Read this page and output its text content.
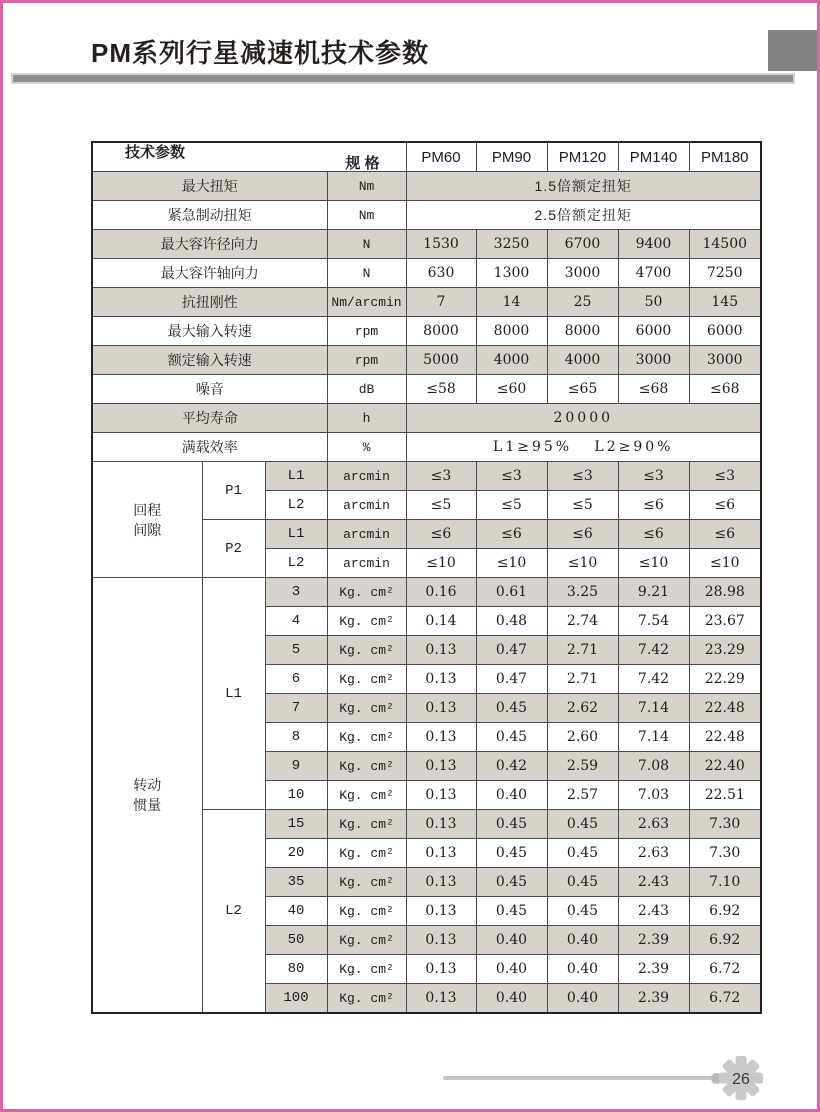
PM系列行星减速机技术参数
规 格
技术参数				PM60	PM90	PM120	PM140	PM180
最大扭矩			Nm	1.5倍额定扭矩				
紧急制动扭矩			Nm	2.5倍额定扭矩				
最大容许径向力			N	1530	3250	6700	9400	14500
最大容许轴向力			N	630	1300	3000	4700	7250
抗扭刚性			Nm/arcmin	7	14	25	50	145
最大输入转速			rpm	8000	8000	8000	6000	6000
额定输入转速			rpm	5000	4000	4000	3000	3000
噪音			dB	≤58	≤60	≤65	≤68	≤68
平均寿命			h	20000				
满载效率			%	L1≥95%   L2≥90%				

回程
间隙	P1	L1	arcmin	≤3	≤3	≤3	≤3	≤3
		L2	arcmin	≤5	≤5	≤5	≤6	≤6
	P2	L1	arcmin	≤6	≤6	≤6	≤6	≤6
		L2	arcmin	≤10	≤10	≤10	≤10	≤10

转动
惯量	L1	3	Kg. cm²	0.16	0.61	3.25	9.21	28.98
		4	Kg. cm²	0.14	0.48	2.74	7.54	23.67
		5	Kg. cm²	0.13	0.47	2.71	7.42	23.29
		6	Kg. cm²	0.13	0.47	2.71	7.42	22.29
		7	Kg. cm²	0.13	0.45	2.62	7.14	22.48
		8	Kg. cm²	0.13	0.45	2.60	7.14	22.48
		9	Kg. cm²	0.13	0.42	2.59	7.08	22.40
		10	Kg. cm²	0.13	0.40	2.57	7.03	22.51
	L2	15	Kg. cm²	0.13	0.45	0.45	2.63	7.30
		20	Kg. cm²	0.13	0.45	0.45	2.63	7.30
		35	Kg. cm²	0.13	0.45	0.45	2.43	7.10
		40	Kg. cm²	0.13	0.45	0.45	2.43	6.92
		50	Kg. cm²	0.13	0.40	0.40	2.39	6.92
		80	Kg. cm²	0.13	0.40	0.40	2.39	6.72
		100	Kg. cm²	0.13	0.40	0.40	2.39	6.72
26
